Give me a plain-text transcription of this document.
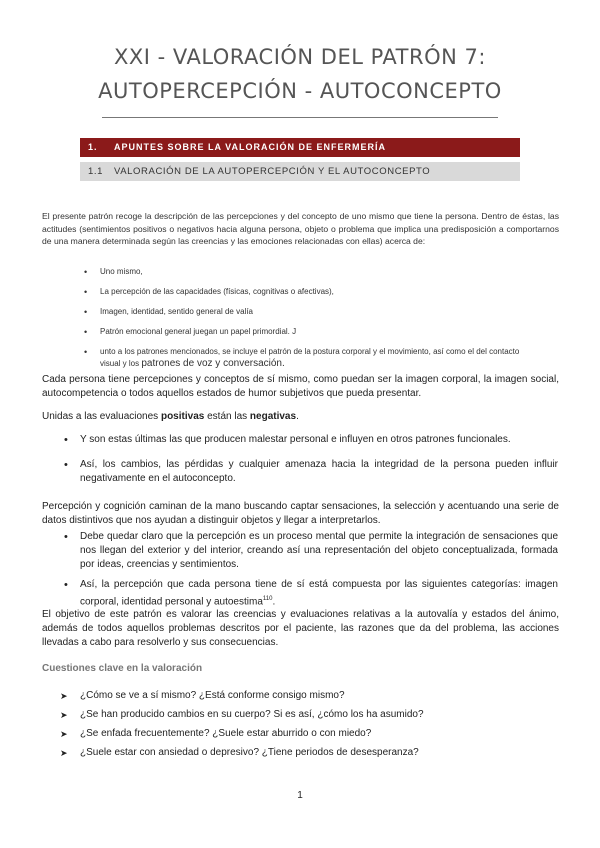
XXI - VALORACIÓN DEL PATRÓN 7:
AUTOPERCEPCIÓN - AUTOCONCEPTO
1. APUNTES SOBRE LA VALORACIÓN DE ENFERMERÍA
1.1 VALORACIÓN DE LA AUTOPERCEPCIÓN Y EL AUTOCONCEPTO

El presente patrón recoge la descripción de las percepciones y del concepto de uno mismo que tiene la persona. Dentro de éstas, las actitudes (sentimientos positivos o negativos hacia alguna persona, objeto o problema que implica una predisposición a comportarnos de una manera determinada según las creencias y las emociones relacionadas con ellas) acerca de:

• Uno mismo,
• La percepción de las capacidades (físicas, cognitivas o afectivas),
• Imagen, identidad, sentido general de valía
• Patrón emocional general juegan un papel primordial. J
• unto a los patrones mencionados, se incluye el patrón de la postura corporal y el movimiento, así como el del contacto visual y los patrones de voz y conversación.

Cada persona tiene percepciones y conceptos de sí mismo, como puedan ser la imagen corporal, la imagen social, autocompetencia o todos aquellos estados de humor subjetivos que pueda presentar.

Unidas a las evaluaciones positivas están las negativas.

• Y son estas últimas las que producen malestar personal e influyen en otros patrones funcionales.
• Así, los cambios, las pérdidas y cualquier amenaza hacia la integridad de la persona pueden influir negativamente en el autoconcepto.

Percepción y cognición caminan de la mano buscando captar sensaciones, la selección y acentuando una serie de datos distintivos que nos ayudan a distinguir objetos y llegar a interpretarlos.

• Debe quedar claro que la percepción es un proceso mental que permite la integración de sensaciones que nos llegan del exterior y del interior, creando así una representación del objeto conceptualizada, formada por ideas, creencias y sentimientos.
• Así, la percepción que cada persona tiene de sí está compuesta por las siguientes categorías: imagen corporal, identidad personal y autoestima$^{110}$.

El objetivo de este patrón es valorar las creencias y evaluaciones relativas a la autovalía y estados del ánimo, además de todos aquellos problemas descritos por el paciente, las razones que da del problema, las acciones llevadas a cabo para resolverlo y sus consecuencias.

Cuestiones clave en la valoración

➤ ¿Cómo se ve a sí mismo? ¿Está conforme consigo mismo?
➤ ¿Se han producido cambios en su cuerpo? Si es así, ¿cómo los ha asumido?
➤ ¿Se enfada frecuentemente? ¿Suele estar aburrido o con miedo?
➤ ¿Suele estar con ansiedad o depresivo? ¿Tiene periodos de desesperanza?
1
